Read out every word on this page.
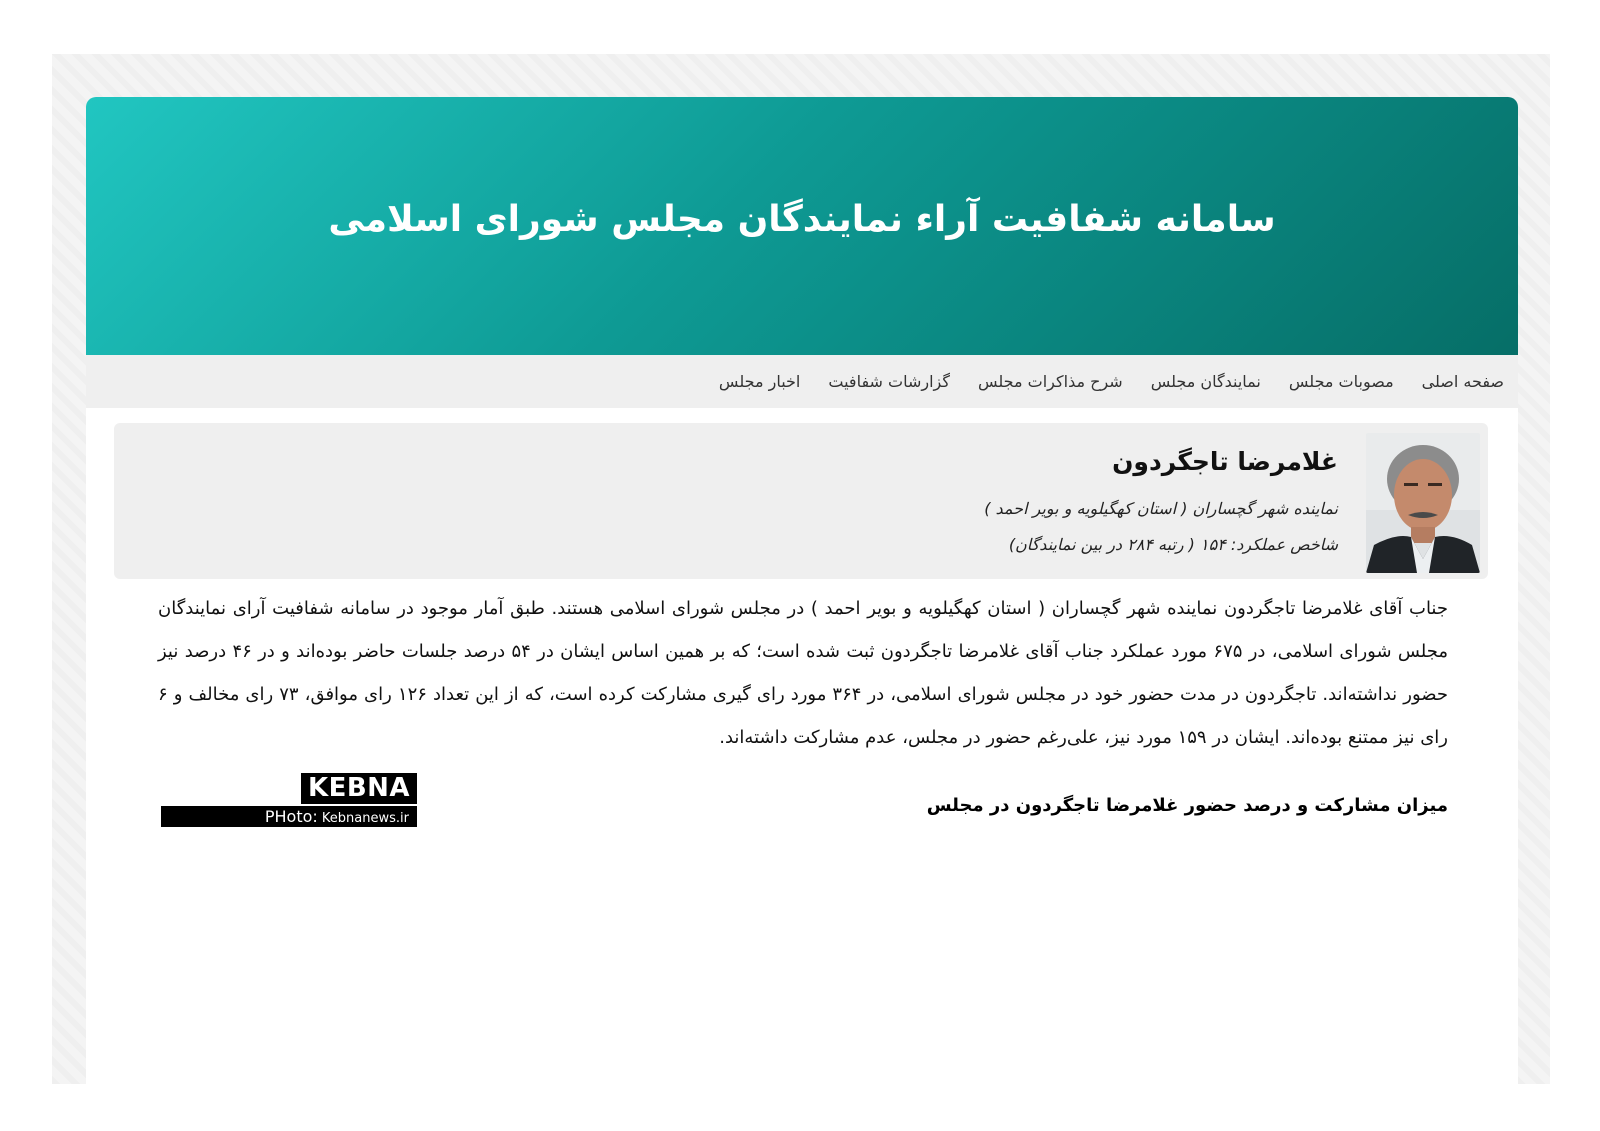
سامانه شفافیت آراء نمایندگان مجلس شورای اسلامی
صفحه اصلی
مصوبات مجلس
نمایندگان مجلس
شرح مذاکرات مجلس
گزارشات شفافیت
اخبار مجلس
غلامرضا تاجگردون
نماینده شهر گچساران ( استان کهگیلویه و بویر احمد )
شاخص عملکرد: ۱۵۴ ( رتبه ۲۸۴ در بین نمایندگان)
جناب آقای غلامرضا تاجگردون نماینده شهر گچساران ( استان کهگیلویه و بویر احمد ) در مجلس شورای اسلامی هستند. طبق آمار موجود در سامانه شفافیت آرای نمایندگان مجلس شورای اسلامی، در ۶۷۵ مورد عملکرد جناب آقای غلامرضا تاجگردون ثبت شده است؛ که بر همین اساس ایشان در ۵۴ درصد جلسات حاضر بوده‌اند و در ۴۶ درصد نیز حضور نداشته‌اند. تاجگردون در مدت حضور خود در مجلس شورای اسلامی، در ۳۶۴ مورد رای گیری مشارکت کرده است، که از این تعداد ۱۲۶ رای موافق، ۷۳ رای مخالف و ۶ رای نیز ممتنع بوده‌اند. ایشان در ۱۵۹ مورد نیز، علی‌رغم حضور در مجلس، عدم مشارکت داشته‌اند.
میزان مشارکت و درصد حضور غلامرضا تاجگردون در مجلس
KEBNA
PHoto: Kebnanews.ir
